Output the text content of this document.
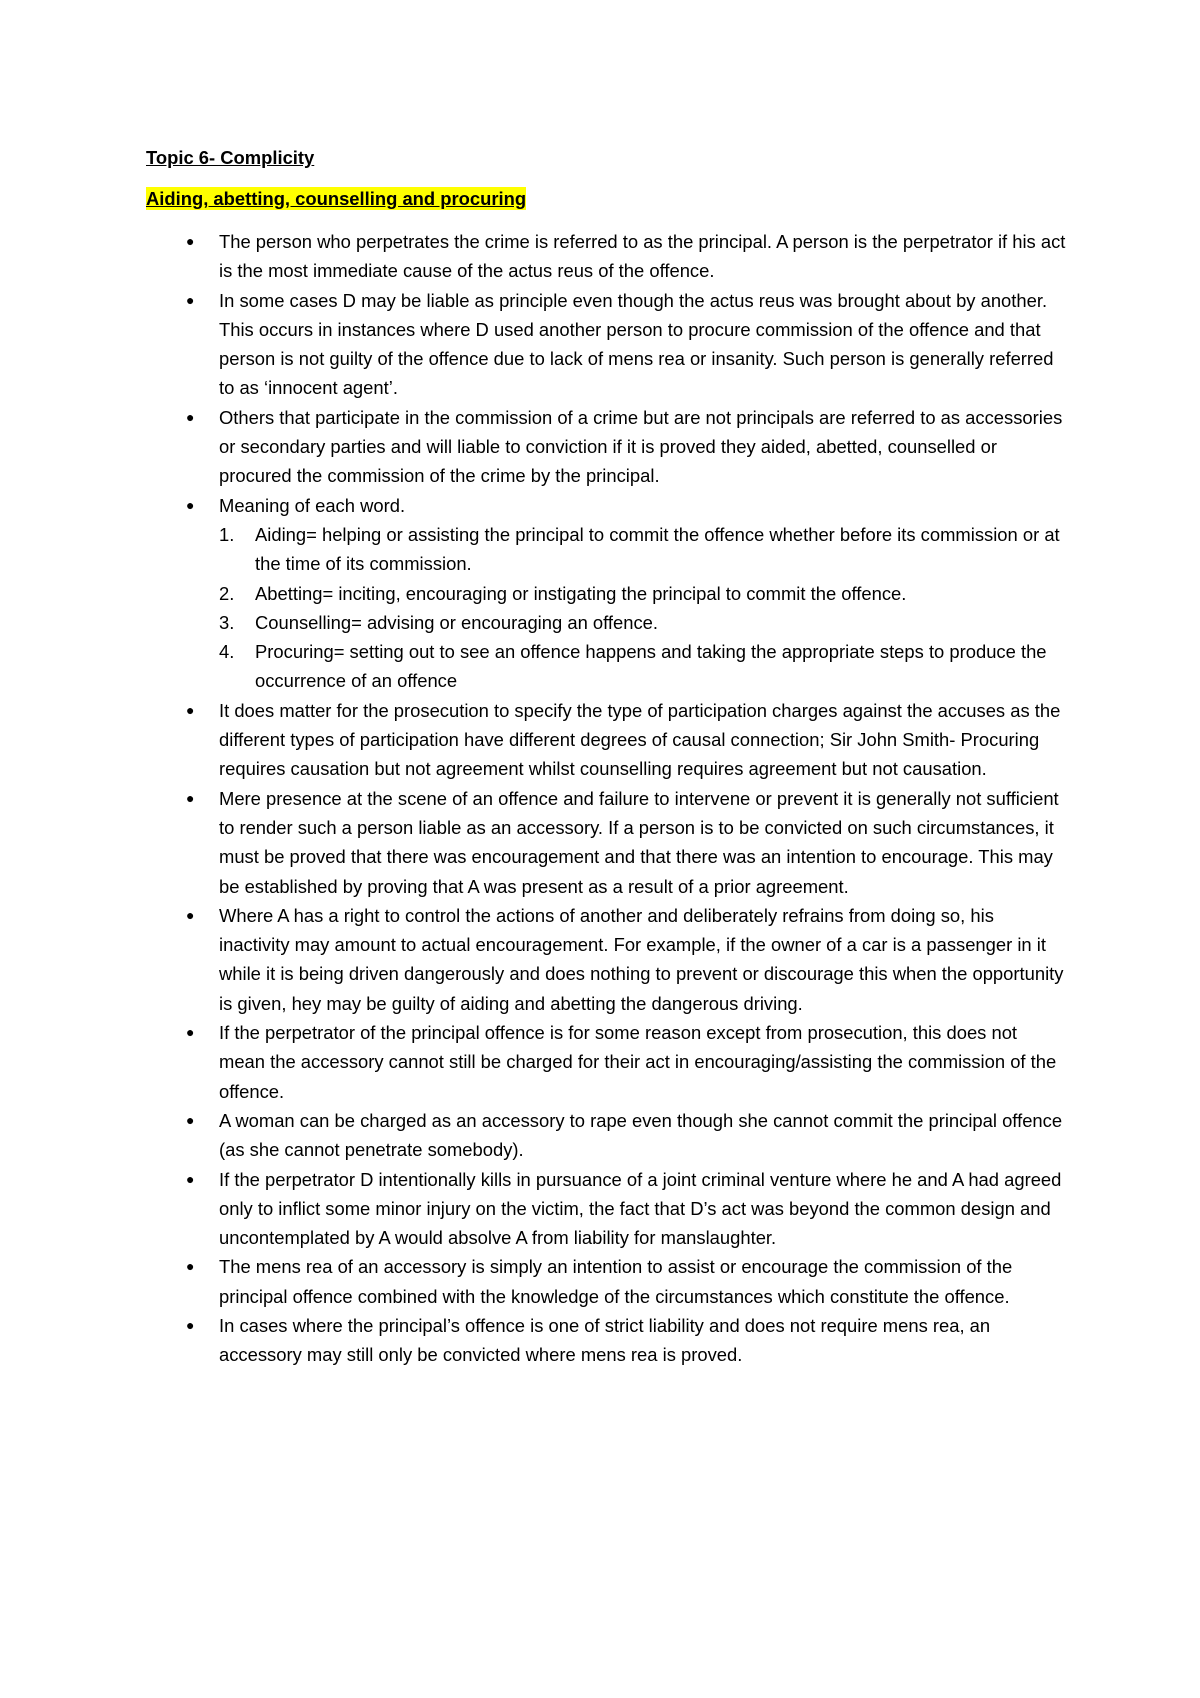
Topic 6- Complicity

Aiding, abetting, counselling and procuring

● The person who perpetrates the crime is referred to as the principal. A person is the perpetrator if his act is the most immediate cause of the actus reus of the offence.
● In some cases D may be liable as principle even though the actus reus was brought about by another. This occurs in instances where D used another person to procure commission of the offence and that person is not guilty of the offence due to lack of mens rea or insanity. Such person is generally referred to as ‘innocent agent’.
● Others that participate in the commission of a crime but are not principals are referred to as accessories or secondary parties and will liable to conviction if it is proved they aided, abetted, counselled or procured the commission of the crime by the principal.
● Meaning of each word.
1. Aiding= helping or assisting the principal to commit the offence whether before its commission or at the time of its commission.
2. Abetting= inciting, encouraging or instigating the principal to commit the offence.
3. Counselling= advising or encouraging an offence.
4. Procuring= setting out to see an offence happens and taking the appropriate steps to produce the occurrence of an offence
● It does matter for the prosecution to specify the type of participation charges against the accuses as the different types of participation have different degrees of causal connection; Sir John Smith- Procuring requires causation but not agreement whilst counselling requires agreement but not causation.
● Mere presence at the scene of an offence and failure to intervene or prevent it is generally not sufficient to render such a person liable as an accessory. If a person is to be convicted on such circumstances, it must be proved that there was encouragement and that there was an intention to encourage. This may be established by proving that A was present as a result of a prior agreement.
● Where A has a right to control the actions of another and deliberately refrains from doing so, his inactivity may amount to actual encouragement. For example, if the owner of a car is a passenger in it while it is being driven dangerously and does nothing to prevent or discourage this when the opportunity is given, hey may be guilty of aiding and abetting the dangerous driving.
● If the perpetrator of the principal offence is for some reason except from prosecution, this does not mean the accessory cannot still be charged for their act in encouraging/assisting the commission of the offence.
● A woman can be charged as an accessory to rape even though she cannot commit the principal offence (as she cannot penetrate somebody).
● If the perpetrator D intentionally kills in pursuance of a joint criminal venture where he and A had agreed only to inflict some minor injury on the victim, the fact that D’s act was beyond the common design and uncontemplated by A would absolve A from liability for manslaughter.
● The mens rea of an accessory is simply an intention to assist or encourage the commission of the principal offence combined with the knowledge of the circumstances which constitute the offence.
● In cases where the principal’s offence is one of strict liability and does not require mens rea, an accessory may still only be convicted where mens rea is proved.
